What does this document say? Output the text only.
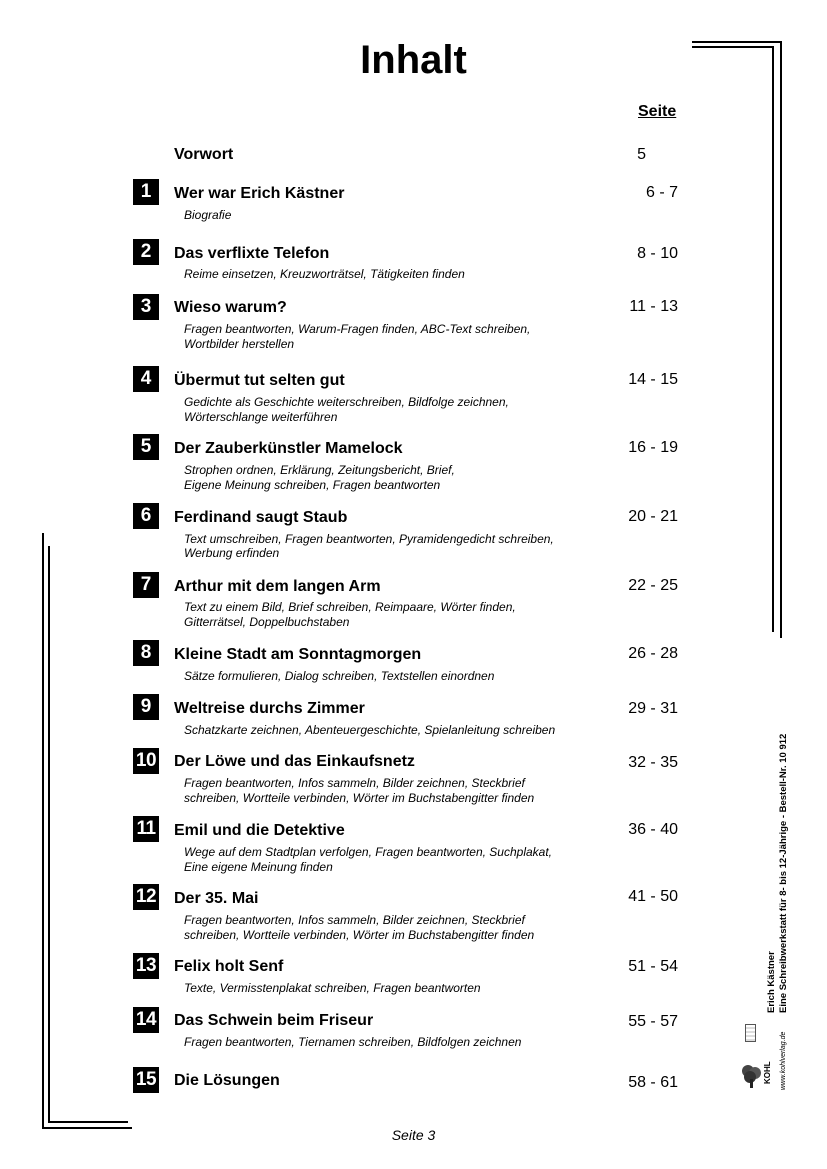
Inhalt
Seite
Vorwort	5
1	Wer war Erich Kästner	6 - 7
Biografie
2	Das verflixte Telefon	8 - 10
Reime einsetzen, Kreuzworträtsel, Tätigkeiten finden
3	Wieso warum?	11 - 13
Fragen beantworten, Warum-Fragen finden, ABC-Text schreiben,
Wortbilder herstellen
4	Übermut tut selten gut	14 - 15
Gedichte als Geschichte weiterschreiben, Bildfolge zeichnen,
Wörterschlange weiterführen
5	Der Zauberkünstler Mamelock	16 - 19
Strophen ordnen, Erklärung, Zeitungsbericht, Brief,
Eigene Meinung schreiben, Fragen beantworten
6	Ferdinand saugt Staub	20 - 21
Text umschreiben, Fragen beantworten, Pyramidengedicht schreiben,
Werbung erfinden
7	Arthur mit dem langen Arm	22 - 25
Text zu einem Bild, Brief schreiben, Reimpaare, Wörter finden,
Gitterrätsel, Doppelbuchstaben
8	Kleine Stadt am Sonntagmorgen	26 - 28
Sätze formulieren, Dialog schreiben, Textstellen einordnen
9	Weltreise durchs Zimmer	29 - 31
Schatzkarte zeichnen, Abenteuergeschichte, Spielanleitung schreiben
10 Der Löwe und das Einkaufsnetz	32 - 35
Fragen beantworten, Infos sammeln, Bilder zeichnen, Steckbrief
schreiben, Wortteile verbinden, Wörter im Buchstabengitter finden
11 Emil und die Detektive	36 - 40
Wege auf dem Stadtplan verfolgen, Fragen beantworten, Suchplakat,
Eine eigene Meinung finden
12 Der 35. Mai	41 - 50
Fragen beantworten, Infos sammeln, Bilder zeichnen, Steckbrief
schreiben, Wortteile verbinden, Wörter im Buchstabengitter finden
13 Felix holt Senf	51 - 54
Texte, Vermisstenplakat schreiben, Fragen beantworten
14 Das Schwein beim Friseur	55 - 57
Fragen beantworten, Tiernamen schreiben, Bildfolgen zeichnen
15 Die Lösungen	58 - 61
Seite 3
Erich Kästner Eine Schreibwerkstatt für 8- bis 12-Jährige - Bestell-Nr. 10 912
www.kohlverlag.de
KOHL
